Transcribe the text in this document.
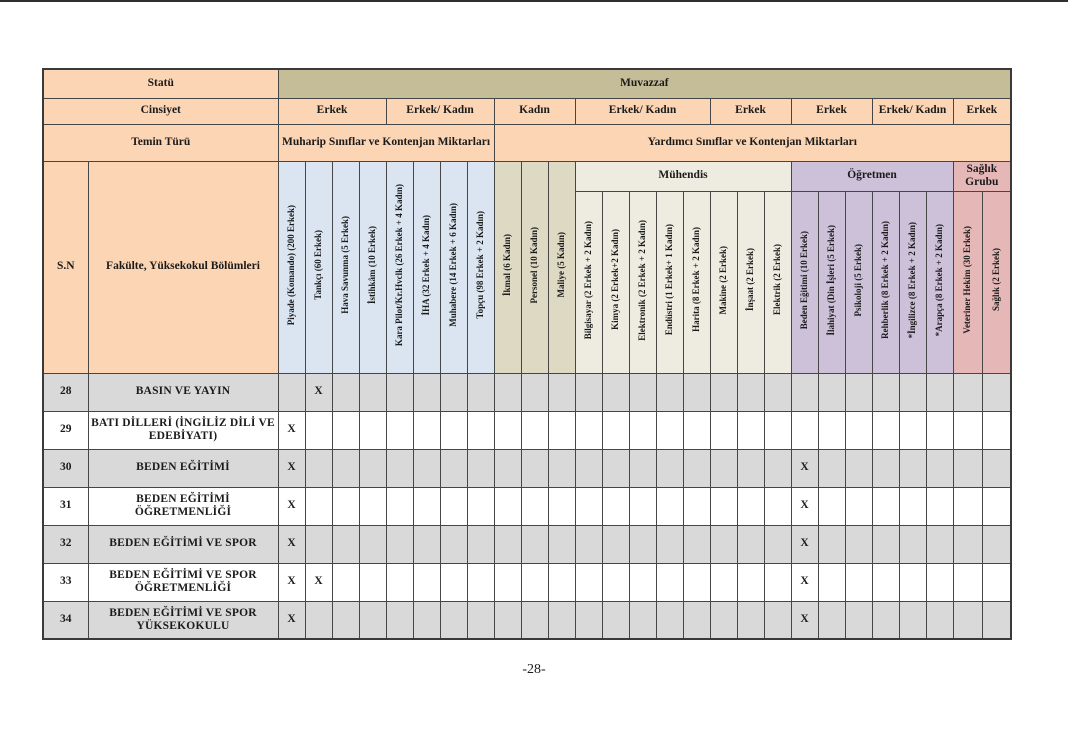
Statü		Muvazzaf																										
Cinsiyet		Erkek				Erkek/ Kadın				Kadın			Erkek/ Kadın					Erkek			Erkek			Erkek/ Kadın			Erkek	
Temin Türü		Muharip Sınıflar ve Kontenjan Miktarları								Yardımcı Sınıflar ve Kontenjan Miktarları																		
S.N	Fakülte, Yüksekokul Bölümleri	Piyade (Komando) (200 Erkek)	Tankçı (60 Erkek)	Hava Savunma (5 Erkek)	İstihkâm (10 Erkek)	Kara Pilot/Kr.Hvclk (26 Erkek + 4 Kadın)	İHA (32 Erkek + 4 Kadın)	Muhabere (14 Erkek + 6 Kadın)	Topçu (98 Erkek + 2 Kadın)	İkmal (6 Kadın)	Personel (10 Kadın)	Maliye (5 Kadın)	Mühendis								Öğretmen						Sağlık Grubu	
													Bilgisayar (2 Erkek + 2 Kadın)	Kimya (2 Erkek+2 Kadın)	Elektronik (2 Erkek + 2 Kadın)	Endüstri (1 Erkek+ 1 Kadın)	Harita (8 Erkek + 2 Kadın)	Makine (2 Erkek)	İnşaat (2 Erkek)	Elektrik (2 Erkek)	Beden Eğitimi (10 Erkek)	İlahiyat (Din İşleri (5 Erkek)	Psikoloji (5 Erkek)	Rehberlik (8 Erkek + 2 Kadın)	*İngilizce (8 Erkek + 2 Kadın)	*Arapça (8 Erkek + 2 Kadın)	Veteriner Hekim (30 Erkek)	Sağlık (2 Erkek)
28	BASIN VE YAYIN		X																									
29	BATI DİLLERİ (İNGİLİZ DİLİ VE EDEBİYATI)	X																										
30	BEDEN EĞİTİMİ	X																			X							
31	BEDEN EĞİTİMİ ÖĞRETMENLİĞİ	X																			X							
32	BEDEN EĞİTİMİ VE SPOR	X																			X							
33	BEDEN EĞİTİMİ VE SPOR ÖĞRETMENLİĞİ	X	X																		X							
34	BEDEN EĞİTİMİ VE SPOR YÜKSEKOKULU	X																			X							
-28-
